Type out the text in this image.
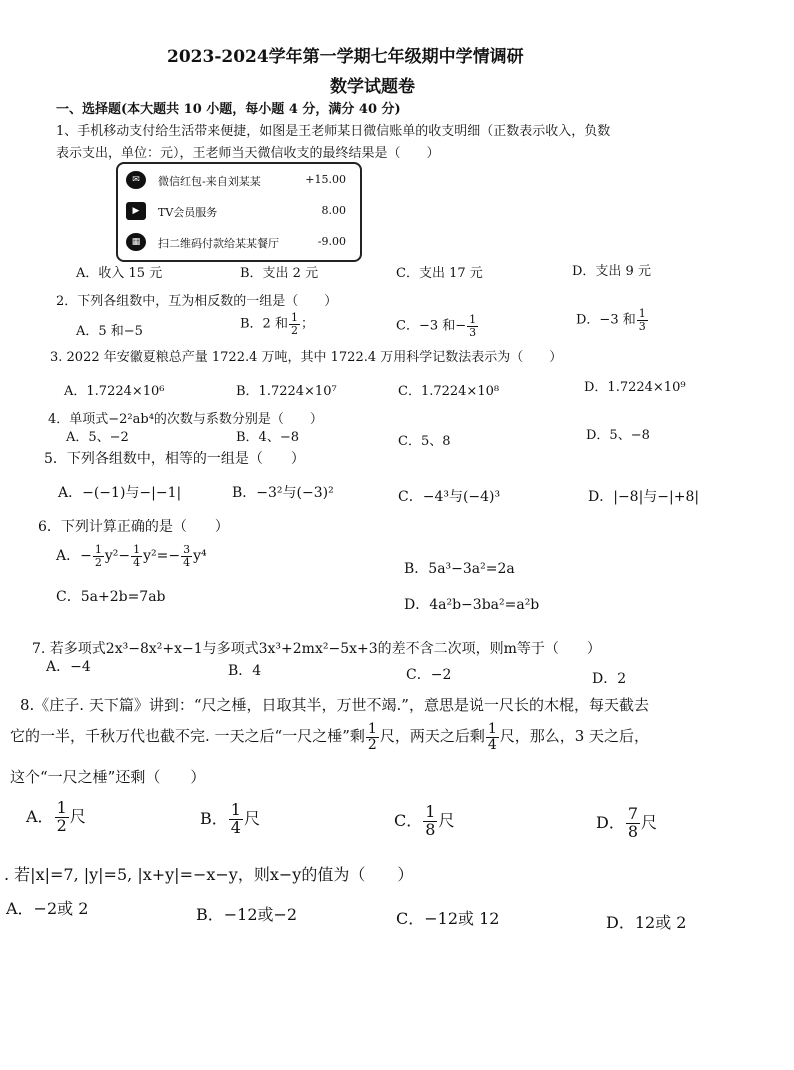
2023-2024学年第一学期七年级期中学情调研
数学试题卷
一、选择题(本大题共 10 小题，每小题 4 分，满分 40 分)
1、手机移动支付给生活带来便捷，如图是王老师某日微信账单的收支明细（正数表示收入，负数
表示支出，单位：元），王老师当天微信收支的最终结果是（　　）
✉	微信红包-来自刘某某	+15.00
▶	TV会员服务	8.00
▦	扫二维码付款给某某餐厅	-9.00
A．收入 15 元	B．支出 2 元	C．支出 17 元	D．支出 9 元
2．下列各组数中，互为相反数的一组是（　　）
A．5 和−5	B．2 和 $\frac{1}{2}$ ；	C．−3 和− $\frac{1}{3}$	D．−3 和 $\frac{1}{3}$
3. 2022 年安徽夏粮总产量 1722.4 万吨，其中 1722.4 万用科学记数法表示为（　　）
A．1.7224×10⁶	B．1.7224×10⁷	C．1.7224×10⁸	D．1.7224×10⁹
4．单项式−2²ab⁴的次数与系数分别是（　　）
A．5、−2	B．4、−8	C．5、8	D．5、−8
5．下列各组数中，相等的一组是（　　）
A．−(−1)与−|−1|	B．−3²与(−3)²	C．−4³与(−4)³	D．|−8|与−|+8|
6．下列计算正确的是（　　）
A．− $\frac{1}{2} y^2- \frac{1}{4} y^2=- \frac{3}{4} y^4$
B．5a³−3a²=2a
C．5a+2b=7ab	D．4a²b−3ba²=a²b
7. 若多项式2x³−8x²+x−1与多项式3x³+2mx²−5x+3的差不含二次项，则m等于（　　）
A．−4	B．4	C．−2	D．2
8.《庄子. 天下篇》讲到：“尺之棰，日取其半，万世不竭.”，意思是说一尺长的木棍，每天截去
它的一半，千秋万代也截不完. 一天之后“一尺之棰”剩 $\frac{1}{2}$ 尺，两天之后剩 $\frac{1}{4}$ 尺，那么，3 天之后，
这个“一尺之棰”还剩（　　）
A． $\frac{1}{2}$ 尺	B． $\frac{1}{4}$ 尺	C． $\frac{1}{8}$ 尺	D． $\frac{7}{8}$ 尺
. 若|x|=7, |y|=5, |x+y|=−x−y，则x−y的值为（　　）
A．−2或 2	B．−12或−2	C．−12或 12	D．12或 2
